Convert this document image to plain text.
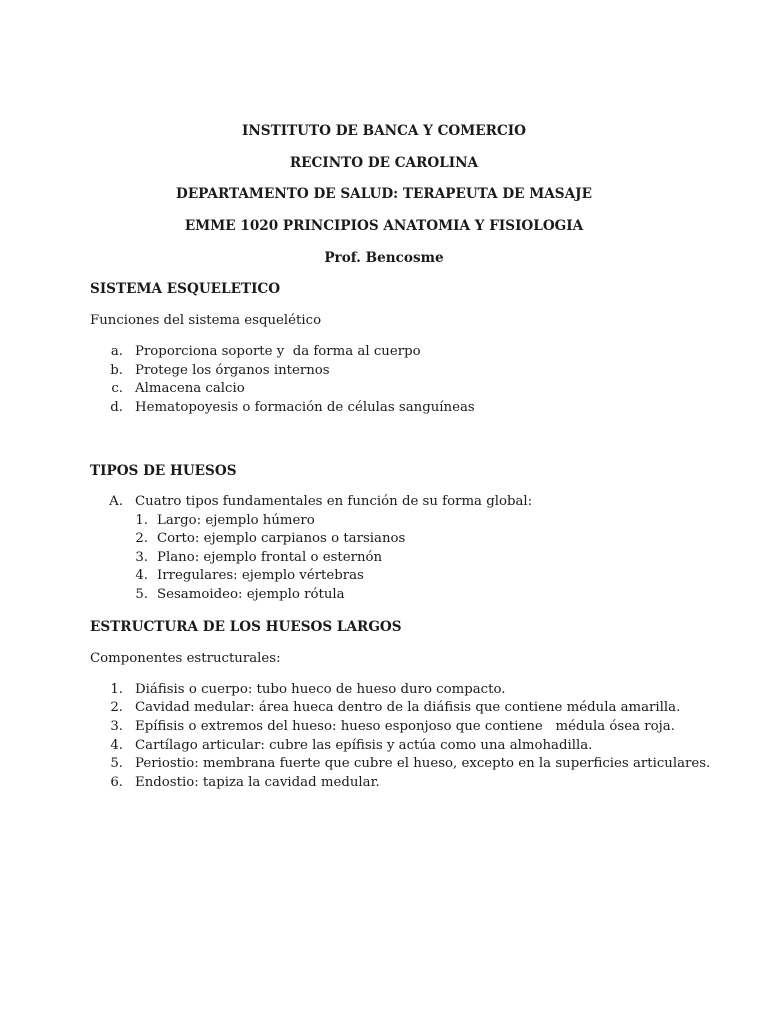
INSTITUTO DE BANCA Y COMERCIO
RECINTO DE CAROLINA
DEPARTAMENTO DE SALUD: TERAPEUTA DE MASAJE
EMME 1020 PRINCIPIOS ANATOMIA Y FISIOLOGIA
Prof. Bencosme
SISTEMA ESQUELETICO
Funciones del sistema esquelético
a. Proporciona soporte y  da forma al cuerpo
b. Protege los órganos internos
c. Almacena calcio
d. Hematopoyesis o formación de células sanguíneas
TIPOS DE HUESOS
A. Cuatro tipos fundamentales en función de su forma global:
1. Largo: ejemplo húmero
2. Corto: ejemplo carpianos o tarsianos
3. Plano: ejemplo frontal o esternón
4. Irregulares: ejemplo vértebras
5. Sesamoideo: ejemplo rótula
ESTRUCTURA DE LOS HUESOS LARGOS
Componentes estructurales:
1. Diáfisis o cuerpo: tubo hueco de hueso duro compacto.
2. Cavidad medular: área hueca dentro de la diáfisis que contiene médula amarilla.
3. Epífisis o extremos del hueso: hueso esponjoso que contiene   médula ósea roja.
4. Cartílago articular: cubre las epífisis y actúa como una almohadilla.
5. Periostio: membrana fuerte que cubre el hueso, excepto en la superficies articulares.
6. Endostio: tapiza la cavidad medular.
